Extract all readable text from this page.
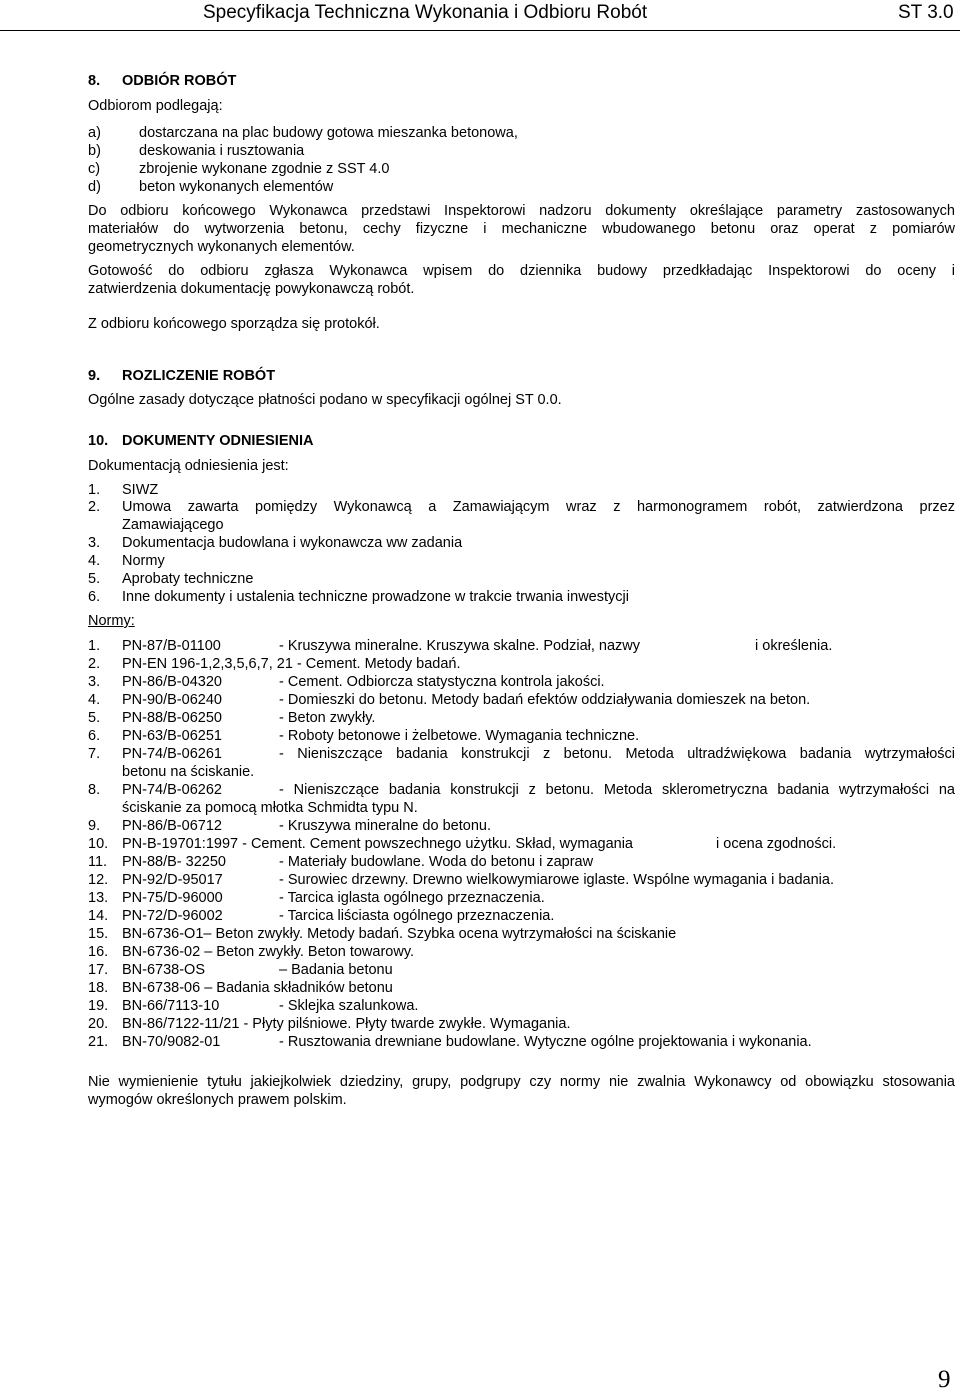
Specyfikacja Techniczna Wykonania i Odbioru Robót	ST 3.0
8. ODBIÓR ROBÓT
Odbiorom podlegają:
a)	dostarczana na plac budowy gotowa mieszanka betonowa,
b)	deskowania i rusztowania
c)	zbrojenie wykonane zgodnie z SST 4.0
d)	beton wykonanych elementów
Do odbioru końcowego Wykonawca przedstawi Inspektorowi nadzoru dokumenty określające parametry zastosowanych
materiałów do wytworzenia betonu, cechy fizyczne i mechaniczne wbudowanego betonu oraz operat z pomiarów
geometrycznych wykonanych elementów.
Gotowość do odbioru zgłasza Wykonawca wpisem do dziennika budowy przedkładając Inspektorowi do oceny i
zatwierdzenia dokumentację powykonawczą robót.
Z odbioru końcowego sporządza się protokół.
9. ROZLICZENIE ROBÓT
Ogólne zasady dotyczące płatności podano w specyfikacji ogólnej ST 0.0.
10. DOKUMENTY ODNIESIENIA
Dokumentacją odniesienia jest:
1. SIWZ
2. Umowa zawarta pomiędzy Wykonawcą a Zamawiającym wraz z harmonogramem robót, zatwierdzona przez
Zamawiającego
3. Dokumentacja budowlana i wykonawcza ww zadania
4. Normy
5. Aprobaty techniczne
6. Inne dokumenty i ustalenia techniczne prowadzone w trakcie trwania inwestycji
Normy:
1. PN-87/B-01100	- Kruszywa mineralne. Kruszywa skalne. Podział, nazwy	i określenia.
2. PN-EN 196-1,2,3,5,6,7, 21 - Cement. Metody badań.
3. PN-86/B-04320	- Cement. Odbiorcza statystyczna kontrola jakości.
4. PN-90/B-06240	- Domieszki do betonu. Metody badań efektów oddziaływania domieszek na beton.
5. PN-88/B-06250	- Beton zwykły.
6. PN-63/B-06251	- Roboty betonowe i żelbetowe. Wymagania techniczne.
7. PN-74/B-06261	- Nieniszczące badania konstrukcji z betonu. Metoda ultradźwiękowa badania wytrzymałości
betonu na ściskanie.
8. PN-74/B-06262	- Nieniszczące badania konstrukcji z betonu. Metoda sklerometryczna badania wytrzymałości na
ściskanie za pomocą młotka Schmidta typu N.
9. PN-86/B-06712	- Kruszywa mineralne do betonu.
10. PN-B-19701:1997 - Cement. Cement powszechnego użytku. Skład, wymagania	i ocena zgodności.
11. PN-88/B- 32250	- Materiały budowlane. Woda do betonu i zapraw
12. PN-92/D-95017	- Surowiec drzewny. Drewno wielkowymiarowe iglaste. Wspólne wymagania i badania.
13. PN-75/D-96000	- Tarcica iglasta ogólnego przeznaczenia.
14. PN-72/D-96002	- Tarcica liściasta ogólnego przeznaczenia.
15. BN-6736-O1– Beton zwykły. Metody badań. Szybka ocena wytrzymałości na ściskanie
16. BN-6736-02 – Beton zwykły. Beton towarowy.
17. BN-6738-OS	– Badania betonu
18. BN-6738-06 – Badania składników betonu
19. BN-66/7113-10	- Sklejka szalunkowa.
20. BN-86/7122-11/21 - Płyty pilśniowe. Płyty twarde zwykłe. Wymagania.
21. BN-70/9082-01	- Rusztowania drewniane budowlane. Wytyczne ogólne projektowania i wykonania.
Nie wymienienie tytułu jakiejkolwiek dziedziny, grupy, podgrupy czy normy nie zwalnia Wykonawcy od obowiązku stosowania
wymogów określonych prawem polskim.
9
